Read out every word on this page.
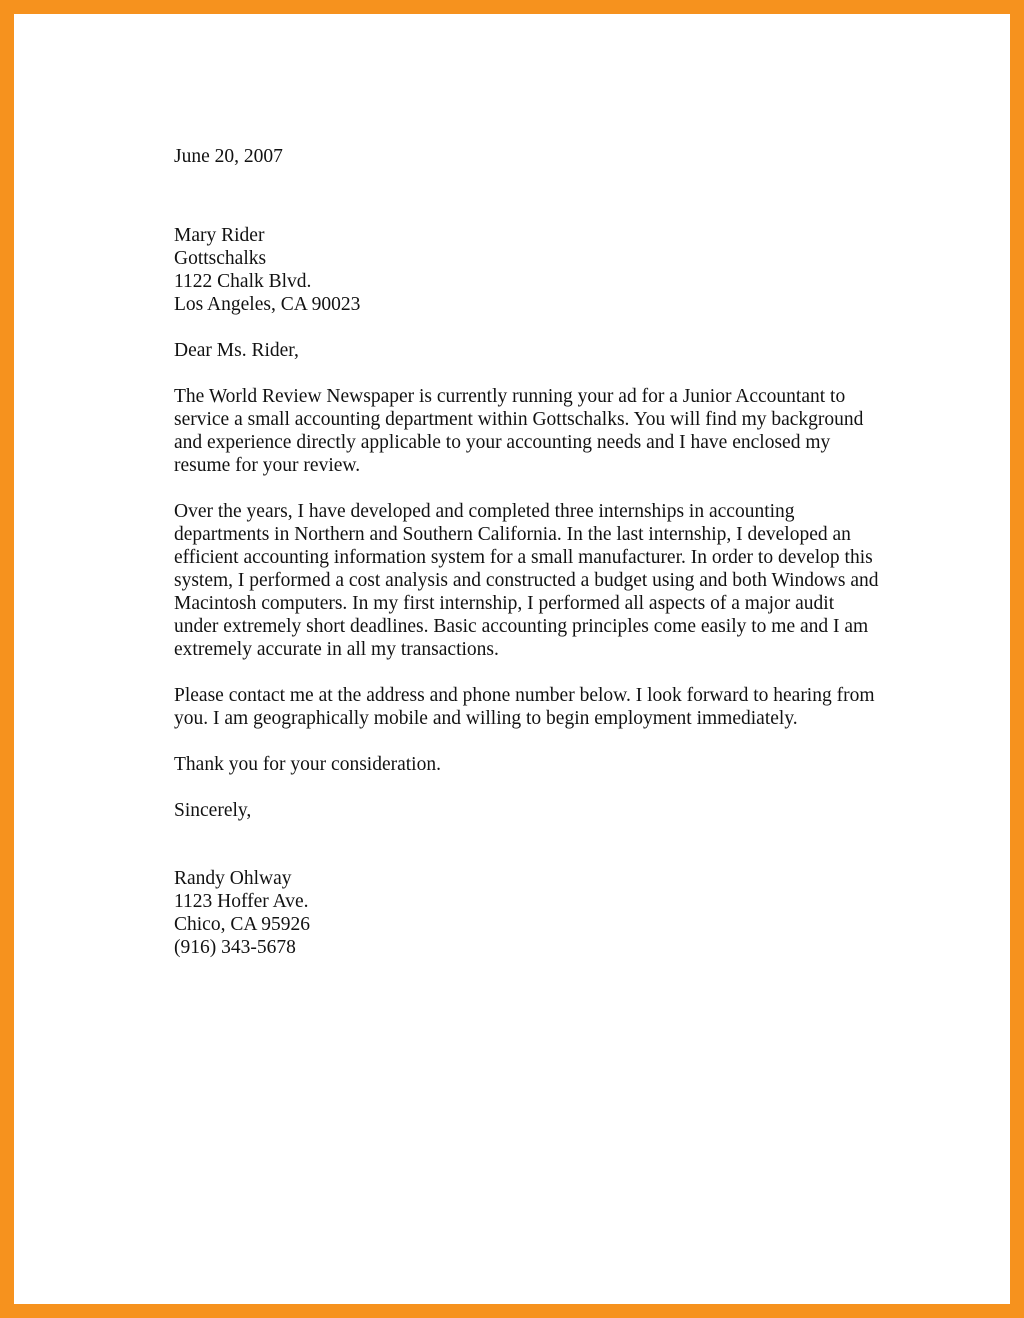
June 20, 2007
Mary Rider
Gottschalks
1122 Chalk Blvd.
Los Angeles, CA 90023
Dear Ms. Rider,

The World Review Newspaper is currently running your ad for a Junior Accountant to service a small accounting department within Gottschalks. You will find my background and experience directly applicable to your accounting needs and I have enclosed my resume for your review.

Over the years, I have developed and completed three internships in accounting departments in Northern and Southern California. In the last internship, I developed an efficient accounting information system for a small manufacturer. In order to develop this system, I performed a cost analysis and constructed a budget using and both Windows and Macintosh computers. In my first internship, I performed all aspects of a major audit under extremely short deadlines. Basic accounting principles come easily to me and I am extremely accurate in all my transactions.

Please contact me at the address and phone number below. I look forward to hearing from you. I am geographically mobile and willing to begin employment immediately.

Thank you for your consideration.
Sincerely,
Randy Ohlway
1123 Hoffer Ave.
Chico, CA 95926
(916) 343-5678
